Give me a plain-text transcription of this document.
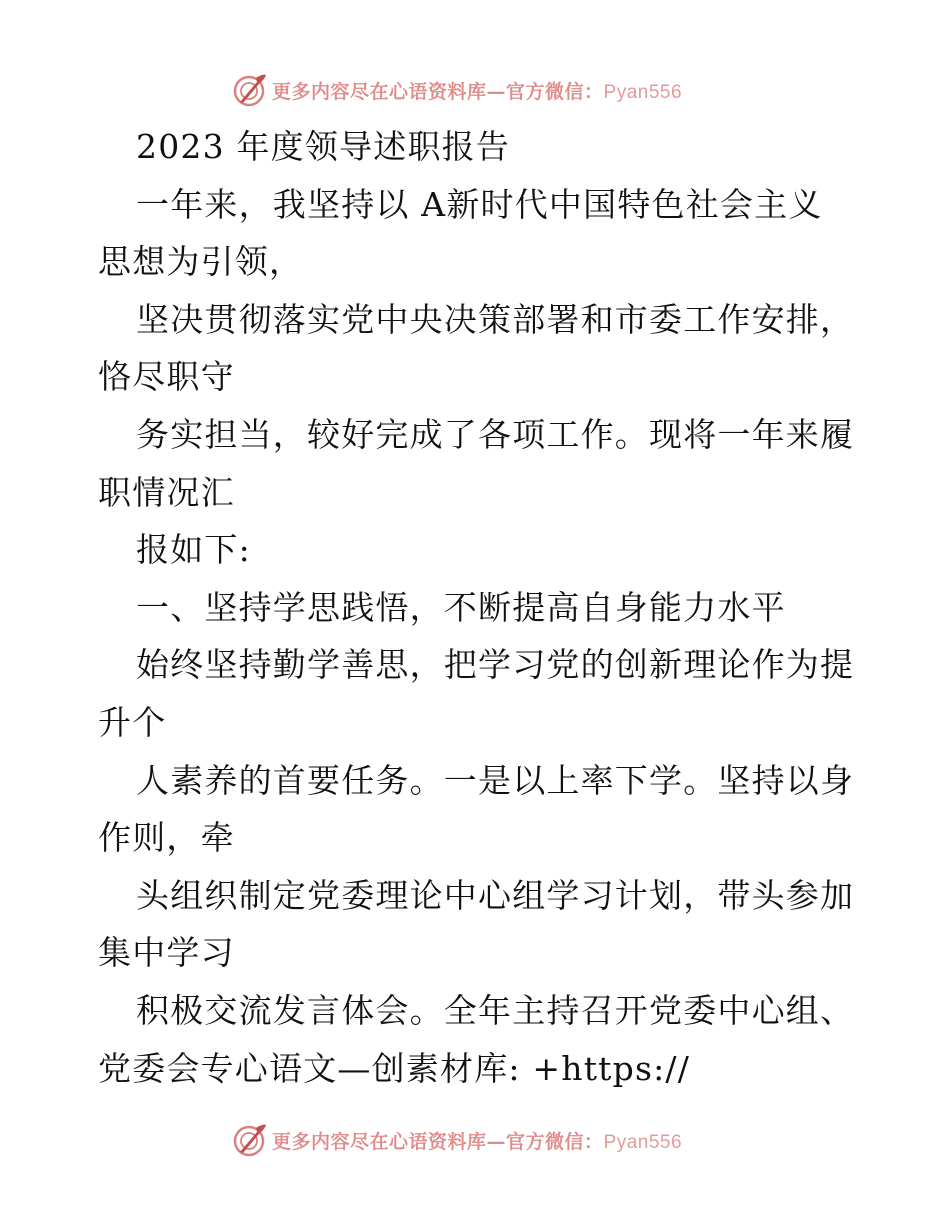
更多内容尽在心语资料库—官方微信：Pyan556
2023 年度领导述职报告
一年来，我坚持以 A新时代中国特色社会主义
思想为引领，
坚决贯彻落实党中央决策部署和市委工作安排，
恪尽职守
务实担当，较好完成了各项工作。现将一年来履
职情况汇
报如下:
一、坚持学思践悟，不断提高自身能力水平
始终坚持勤学善思，把学习党的创新理论作为提
升个
人素养的首要任务。一是以上率下学。坚持以身
作则，牵
头组织制定党委理论中心组学习计划，带头参加
集中学习
积极交流发言体会。全年主持召开党委中心组、
党委会专心语文—创素材库: +https://
更多内容尽在心语资料库—官方微信：Pyan556
